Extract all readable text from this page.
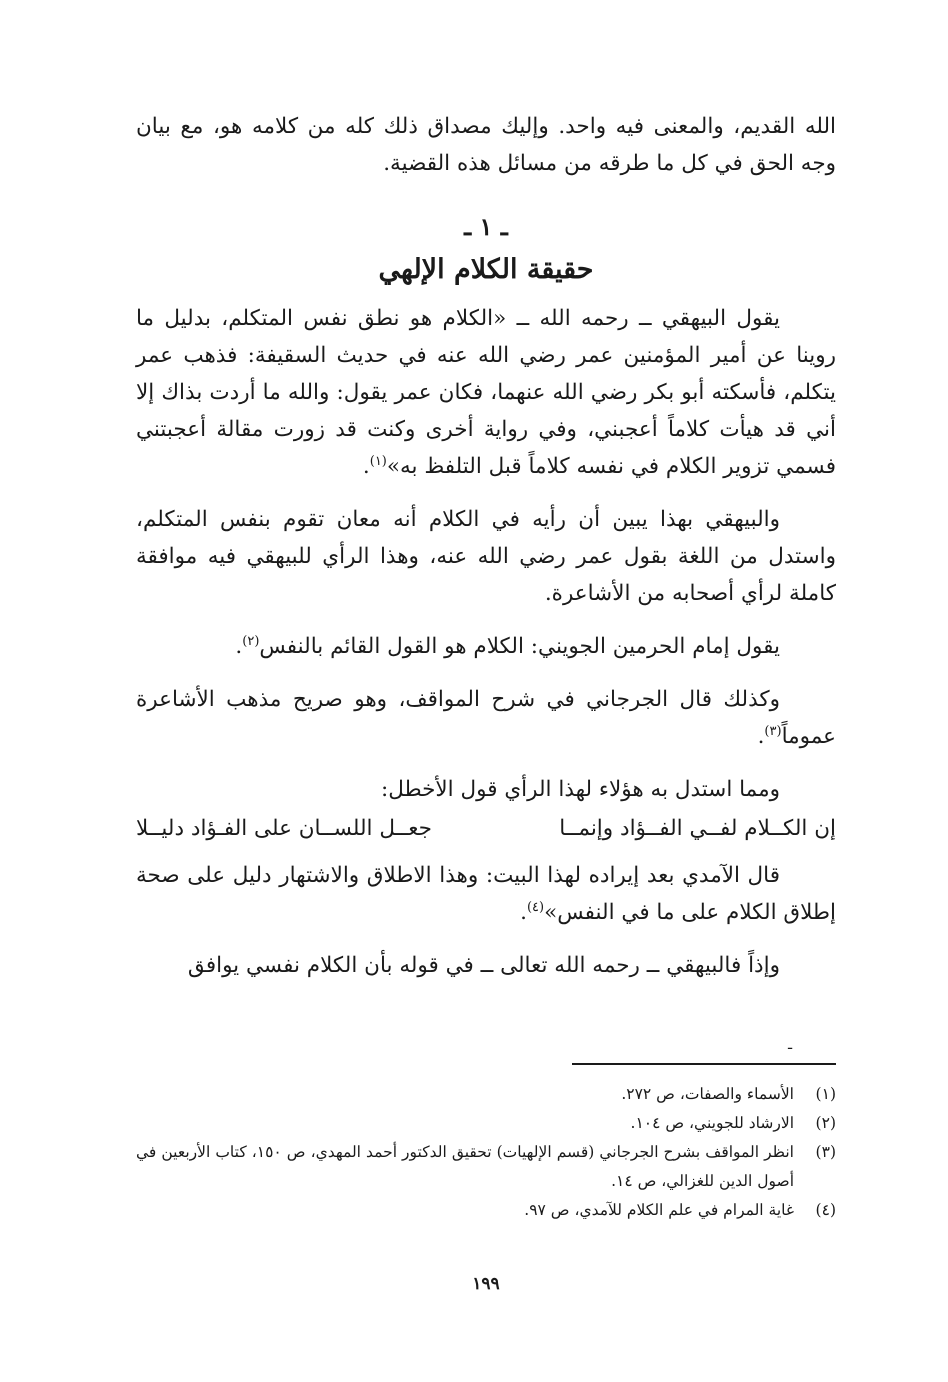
الله القديم، والمعنى فيه واحد. وإليك مصداق ذلك كله من كلامه هو، مع بيان وجه الحق في كل ما طرقه من مسائل هذه القضية.

ـ ١ ـ
حقيقة الكلام الإلهي

يقول البيهقي ــ رحمه الله ــ «الكلام هو نطق نفس المتكلم، بدليل ما روينا عن أمير المؤمنين عمر رضي الله عنه في حديث السقيفة: فذهب عمر يتكلم، فأسكته أبو بكر رضي الله عنهما، فكان عمر يقول: والله ما أردت بذاك إلا أني قد هيأت كلاماً أعجبني، وفي رواية أخرى وكنت قد زورت مقالة أعجبتني فسمي تزوير الكلام في نفسه كلاماً قبل التلفظ به»$^{(١)}$.

والبيهقي بهذا يبين أن رأيه في الكلام أنه معان تقوم بنفس المتكلم، واستدل من اللغة بقول عمر رضي الله عنه، وهذا الرأي للبيهقي فيه موافقة كاملة لرأي أصحابه من الأشاعرة.

يقول إمام الحرمين الجويني: الكلام هو القول القائم بالنفس$^{(٢)}$.

وكذلك قال الجرجاني في شرح المواقف، وهو صريح مذهب الأشاعرة عموماً$^{(٣)}$.

ومما استدل به هؤلاء لهذا الرأي قول الأخطل:

إن الكــلام لفــي الفــؤاد وإنمــا
جعــل اللســان على الفـؤاد دليــلا

قال الآمدي بعد إيراده لهذا البيت: وهذا الاطلاق والاشتهار دليل على صحة إطلاق الكلام على ما في النفس»$^{(٤)}$.

وإذاً فالبيهقي ــ رحمه الله تعالى ــ في قوله بأن الكلام نفسي يوافق

ـ
(١)
الأسماء والصفات، ص ٢٧٢.
(٢)
الارشاد للجويني، ص ١٠٤.
(٣)
انظر المواقف بشرح الجرجاني (قسم الإلهيات) تحقيق الدكتور أحمد المهدي، ص ١٥٠، كتاب الأربعين في أصول الدين للغزالي، ص ١٤.
(٤)
غاية المرام في علم الكلام للآمدي، ص ٩٧.
١٩٩
